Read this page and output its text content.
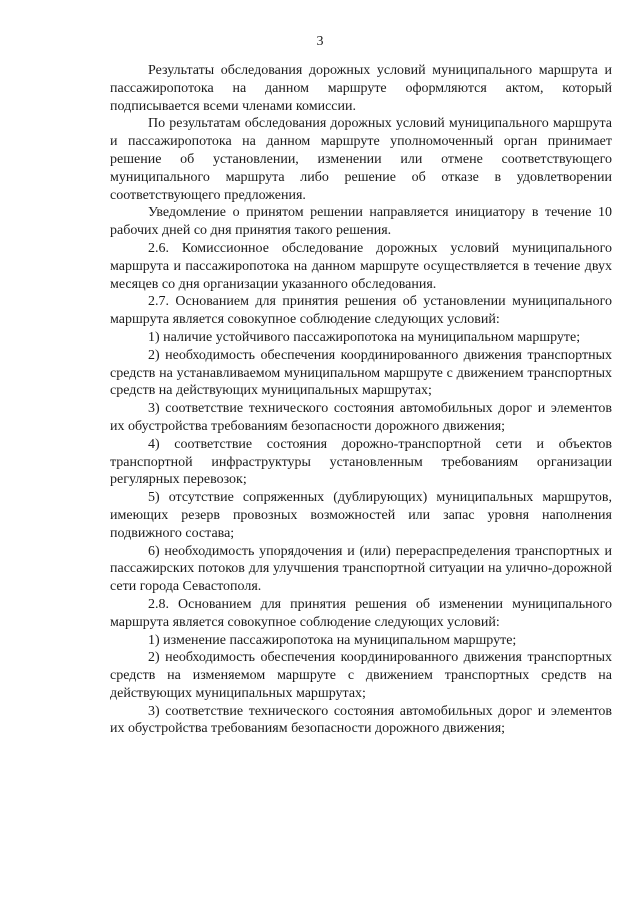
3

Результаты обследования дорожных условий муниципального маршрута и пассажиропотока на данном маршруте оформляются актом, который подписывается всеми членами комиссии.

По результатам обследования дорожных условий муниципального маршрута и пассажиропотока на данном маршруте уполномоченный орган принимает решение об установлении, изменении или отмене соответствующего муниципального маршрута либо решение об отказе в удовлетворении соответствующего предложения.

Уведомление о принятом решении направляется инициатору в течение 10 рабочих дней со дня принятия такого решения.

2.6. Комиссионное обследование дорожных условий муниципального маршрута и пассажиропотока на данном маршруте осуществляется в течение двух месяцев со дня организации указанного обследования.

2.7. Основанием для принятия решения об установлении муниципального маршрута является совокупное соблюдение следующих условий:

1) наличие устойчивого пассажиропотока на муниципальном маршруте;

2) необходимость обеспечения координированного движения транспортных средств на устанавливаемом муниципальном маршруте с движением транспортных средств на действующих муниципальных маршрутах;

3) соответствие технического состояния автомобильных дорог и элементов их обустройства требованиям безопасности дорожного движения;

4) соответствие состояния дорожно-транспортной сети и объектов транспортной инфраструктуры установленным требованиям организации регулярных перевозок;

5) отсутствие сопряженных (дублирующих) муниципальных маршрутов, имеющих резерв провозных возможностей или запас уровня наполнения подвижного состава;

6) необходимость упорядочения и (или) перераспределения транспортных и пассажирских потоков для улучшения транспортной ситуации на улично-дорожной сети города Севастополя.

2.8. Основанием для принятия решения об изменении муниципального маршрута является совокупное соблюдение следующих условий:

1) изменение пассажиропотока на муниципальном маршруте;

2) необходимость обеспечения координированного движения транспортных средств на изменяемом маршруте с движением транспортных средств на действующих муниципальных маршрутах;

3) соответствие технического состояния автомобильных дорог и элементов их обустройства требованиям безопасности дорожного движения;
